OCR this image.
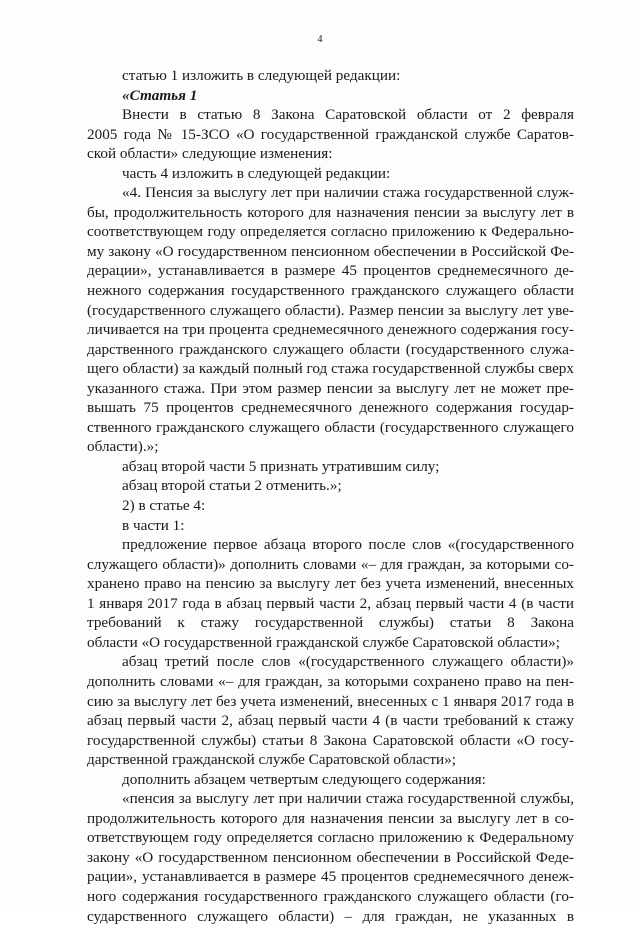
4
статью 1 изложить в следующей редакции:
«Статья 1
Внести в статью 8 Закона Саратовской области от 2 февраля
2005 года № 15-ЗСО «О государственной гражданской службе Саратов-
ской области» следующие изменения:
часть 4 изложить в следующей редакции:
«4. Пенсия за выслугу лет при наличии стажа государственной служ-
бы, продолжительность которого для назначения пенсии за выслугу лет в
соответствующем году определяется согласно приложению к Федерально-
му закону «О государственном пенсионном обеспечении в Российской Фе-
дерации», устанавливается в размере 45 процентов среднемесячного де-
нежного содержания государственного гражданского служащего области
(государственного служащего области). Размер пенсии за выслугу лет уве-
личивается на три процента среднемесячного денежного содержания госу-
дарственного гражданского служащего области (государственного служа-
щего области) за каждый полный год стажа государственной службы сверх
указанного стажа. При этом размер пенсии за выслугу лет не может пре-
вышать 75 процентов среднемесячного денежного содержания государ-
ственного гражданского служащего области (государственного служащего
области).»;
абзац второй части 5 признать утратившим силу;
абзац второй статьи 2 отменить.»;
2) в статье 4:
в части 1:
предложение первое абзаца второго после слов «(государственного
служащего области)» дополнить словами «– для граждан, за которыми со-
хранено право на пенсию за выслугу лет без учета изменений, внесенных
1 января 2017 года в абзац первый части 2, абзац первый части 4 (в части
требований к стажу государственной службы) статьи 8 Закона
области «О государственной гражданской службе Саратовской области»;
абзац третий после слов «(государственного служащего области)»
дополнить словами «– для граждан, за которыми сохранено право на пен-
сию за выслугу лет без учета изменений, внесенных с 1 января 2017 года в
абзац первый части 2, абзац первый части 4 (в части требований к стажу
государственной службы) статьи 8 Закона Саратовской области «О госу-
дарственной гражданской службе Саратовской области»;
дополнить абзацем четвертым следующего содержания:
«пенсия за выслугу лет при наличии стажа государственной службы,
продолжительность которого для назначения пенсии за выслугу лет в со-
ответствующем году определяется согласно приложению к Федеральному
закону «О государственном пенсионном обеспечении в Российской Феде-
рации», устанавливается в размере 45 процентов среднемесячного денеж-
ного содержания государственного гражданского служащего области (го-
сударственного служащего области) – для граждан, не указанных в
